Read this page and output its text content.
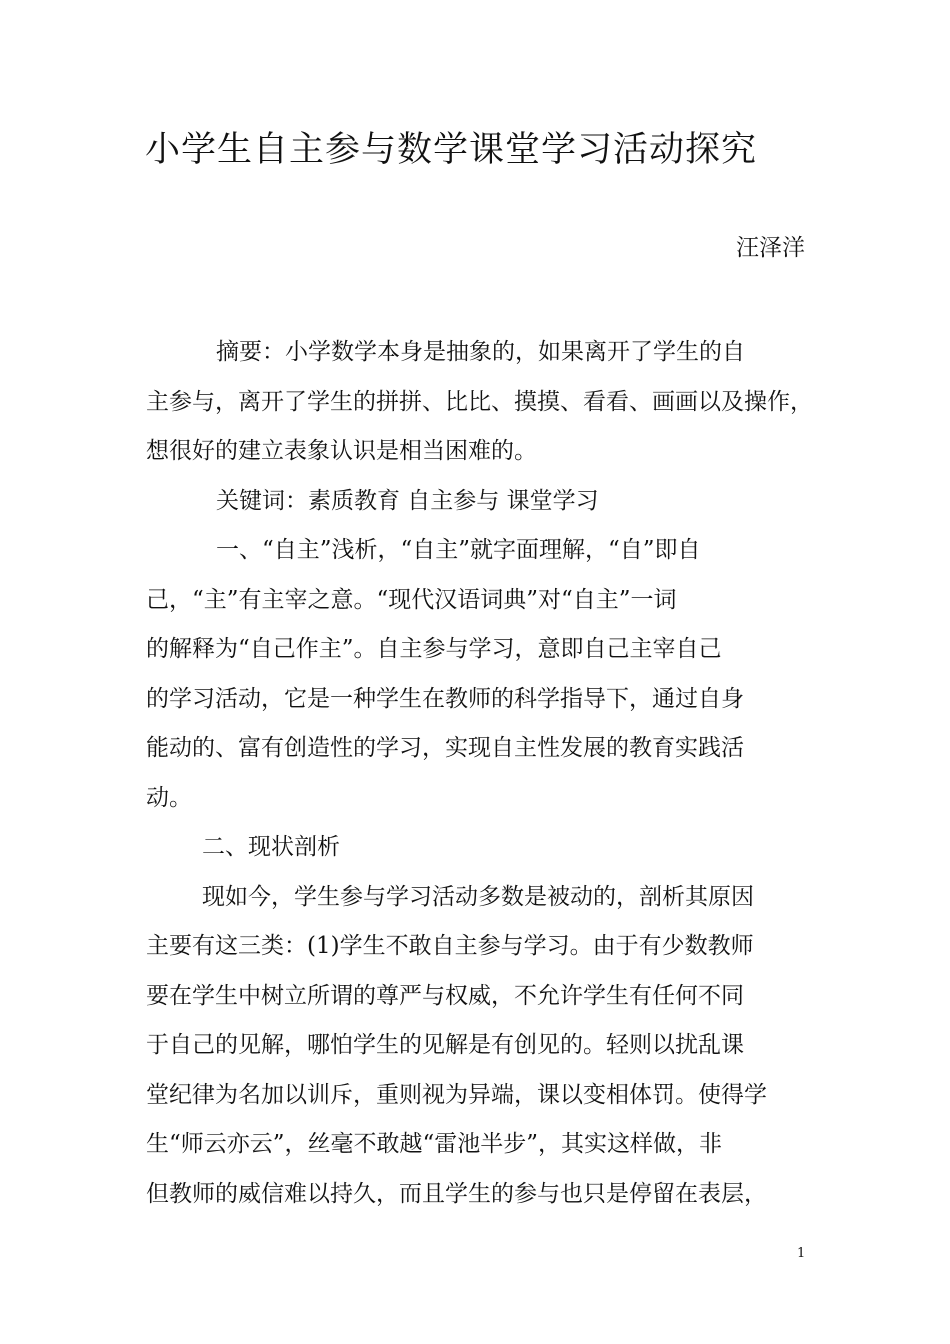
小学生自主参与数学课堂学习活动探究
汪泽洋
摘要：小学数学本身是抽象的，如果离开了学生的自
主参与，离开了学生的拼拼、比比、摸摸、看看、画画以及操作，
想很好的建立表象认识是相当困难的。
关键词：素质教育 自主参与 课堂学习
一、“自主”浅析，“自主”就字面理解，“自”即自
己，“主”有主宰之意。“现代汉语词典”对“自主”一词
的解释为“自己作主”。自主参与学习，意即自己主宰自己
的学习活动，它是一种学生在教师的科学指导下，通过自身
能动的、富有创造性的学习，实现自主性发展的教育实践活
动。
二、现状剖析
现如今，学生参与学习活动多数是被动的，剖析其原因
主要有这三类：(1)学生不敢自主参与学习。由于有少数教师
要在学生中树立所谓的尊严与权威，不允许学生有任何不同
于自己的见解，哪怕学生的见解是有创见的。轻则以扰乱课
堂纪律为名加以训斥，重则视为异端，课以变相体罚。使得学
生“师云亦云”，丝毫不敢越“雷池半步”，其实这样做，非
但教师的威信难以持久，而且学生的参与也只是停留在表层，
1
